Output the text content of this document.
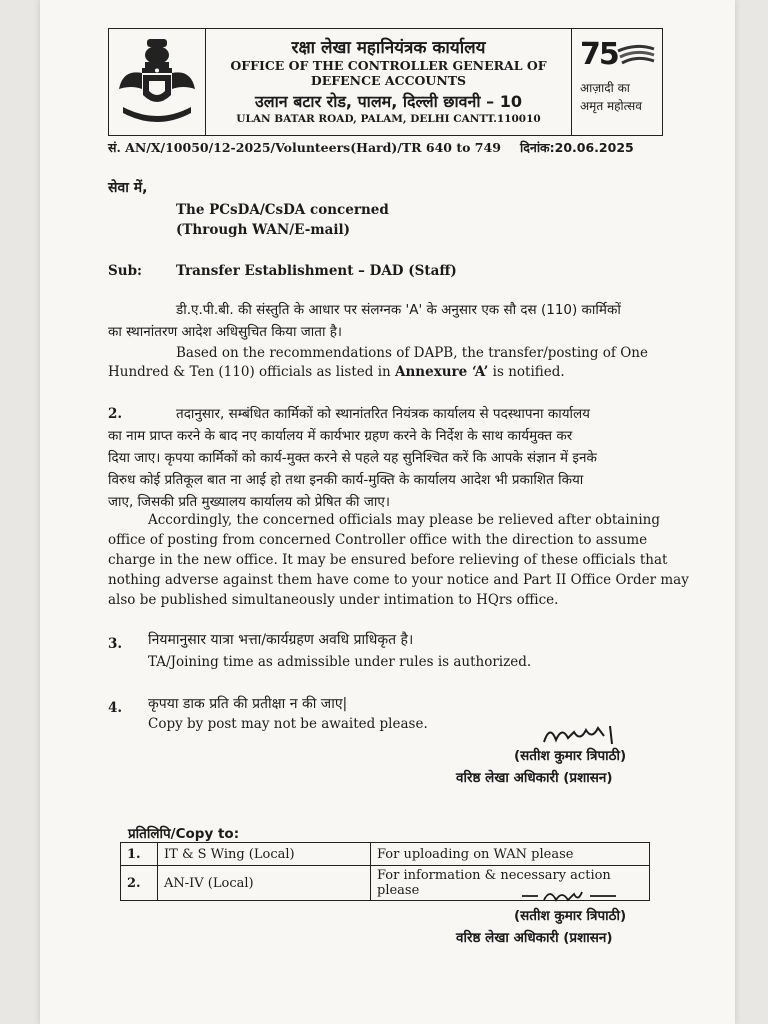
रक्षा लेखा महानियंत्रक कार्यालय
OFFICE OF THE CONTROLLER GENERAL OF
DEFENCE ACCOUNTS
उलान बटार रोड, पालम, दिल्ली छावनी – 10
ULAN BATAR ROAD, PALAM, DELHI CANTT.110010
75
आज़ादी का
अमृत महोत्सव
सं. AN/X/10050/12-2025/Volunteers(Hard)/TR 640 to 749 दिनांक:20.06.2025
सेवा में,
The PCsDA/CsDA concerned
(Through WAN/E-mail)
Sub:	Transfer Establishment – DAD (Staff)
डी.ए.पी.बी. की संस्तुति के आधार पर संलग्नक 'A' के अनुसार एक सौ दस (110) कार्मिकों
का स्थानांतरण आदेश अधिसुचित किया जाता है।
Based on the recommendations of DAPB, the transfer/posting of One
Hundred & Ten (110) officials as listed in Annexure ‘A’ is notified.
2.	तदानुसार, सम्बंधित कार्मिकों को स्थानांतरित नियंत्रक कार्यालय से पदस्थापना कार्यालय
का नाम प्राप्त करने के बाद नए कार्यालय में कार्यभार ग्रहण करने के निर्देश के साथ कार्यमुक्त कर
दिया जाए। कृपया कार्मिकों को कार्य-मुक्त करने से पहले यह सुनिश्चित करें कि आपके संज्ञान में इनके
विरुध कोई प्रतिकूल बात ना आई हो तथा इनकी कार्य-मुक्ति के कार्यालय आदेश भी प्रकाशित किया
जाए, जिसकी प्रति मुख्यालय कार्यालय को प्रेषित की जाए।
Accordingly, the concerned officials may please be relieved after obtaining
office of posting from concerned Controller office with the direction to assume
charge in the new office. It may be ensured before relieving of these officials that
nothing adverse against them have come to your notice and Part II Office Order may
also be published simultaneously under intimation to HQrs office.
3. नियमानुसार यात्रा भत्ता/कार्यग्रहण अवधि प्राधिकृत है।
TA/Joining time as admissible under rules is authorized.
4. कृपया डाक प्रति की प्रतीक्षा न की जाए|
Copy by post may not be awaited please.
(सतीश कुमार त्रिपाठी)
वरिष्ठ लेखा अधिकारी (प्रशासन)
प्रतिलिपि/Copy to:
1.	IT & S Wing (Local)	For uploading on WAN please
2.	AN-IV (Local)	For information & necessary action please
(सतीश कुमार त्रिपाठी)
वरिष्ठ लेखा अधिकारी (प्रशासन)
